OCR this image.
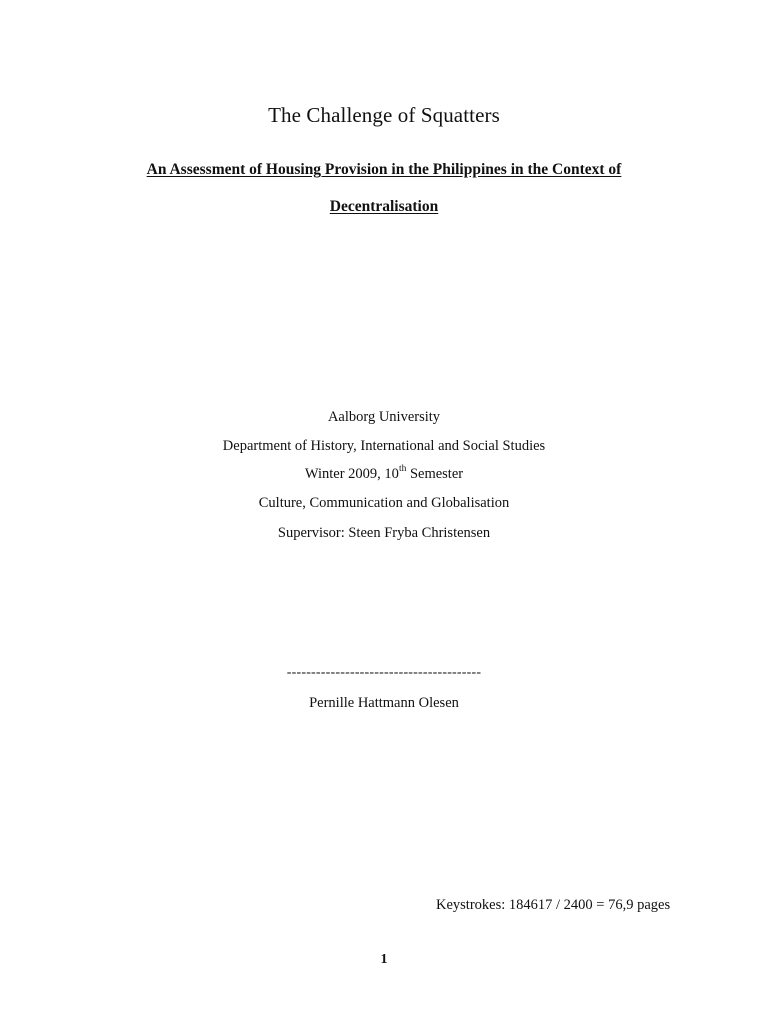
The Challenge of Squatters
An Assessment of Housing Provision in the Philippines in the Context of
Decentralisation
Aalborg University
Department of History, International and Social Studies
Winter 2009, 10th Semester
Culture, Communication and Globalisation
Supervisor: Steen Fryba Christensen
----------------------------------------
Pernille Hattmann Olesen
Keystrokes: 184617 / 2400 = 76,9 pages
1
